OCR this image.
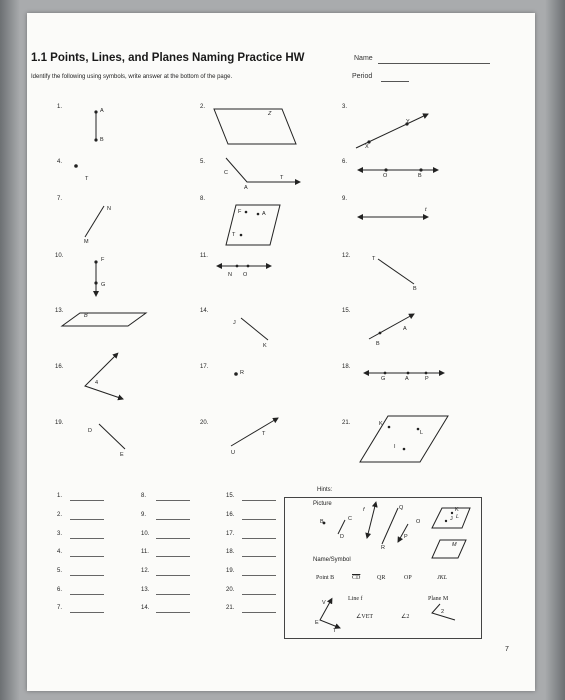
Name
Period
1.1 Points, Lines, and Planes Naming Practice HW
Identify the following using symbols, write answer at the bottom of the page.
1.	2.	3.
4.	5.	6.
7.	8.	9.
10.	11.	12.
13.	14.	15.
16.	17.	18.
19.	20.	21.
A
B
Z
Y
X
T
C
A
T	O	B
N
M
F	A
T
t
F
G
N O
T
B
B
J
K
A
B
4
R
G	A	P
D
E
T
U
K
L
I
1.
2.
3.
4.
5.
6.
7.
8.
9.
10.
11.
12.
13.
14.
15.
16.
17.
18.
19.
20.
21.
Hints:
Picture
B	C
D
f	Q
R
O
P
K
J L
M
Name/Symbol
Point B	$\overline{CD}$	QR	OP	JKL
Line f	Plane M
∠VET	∠2
V
E
T
2
7
